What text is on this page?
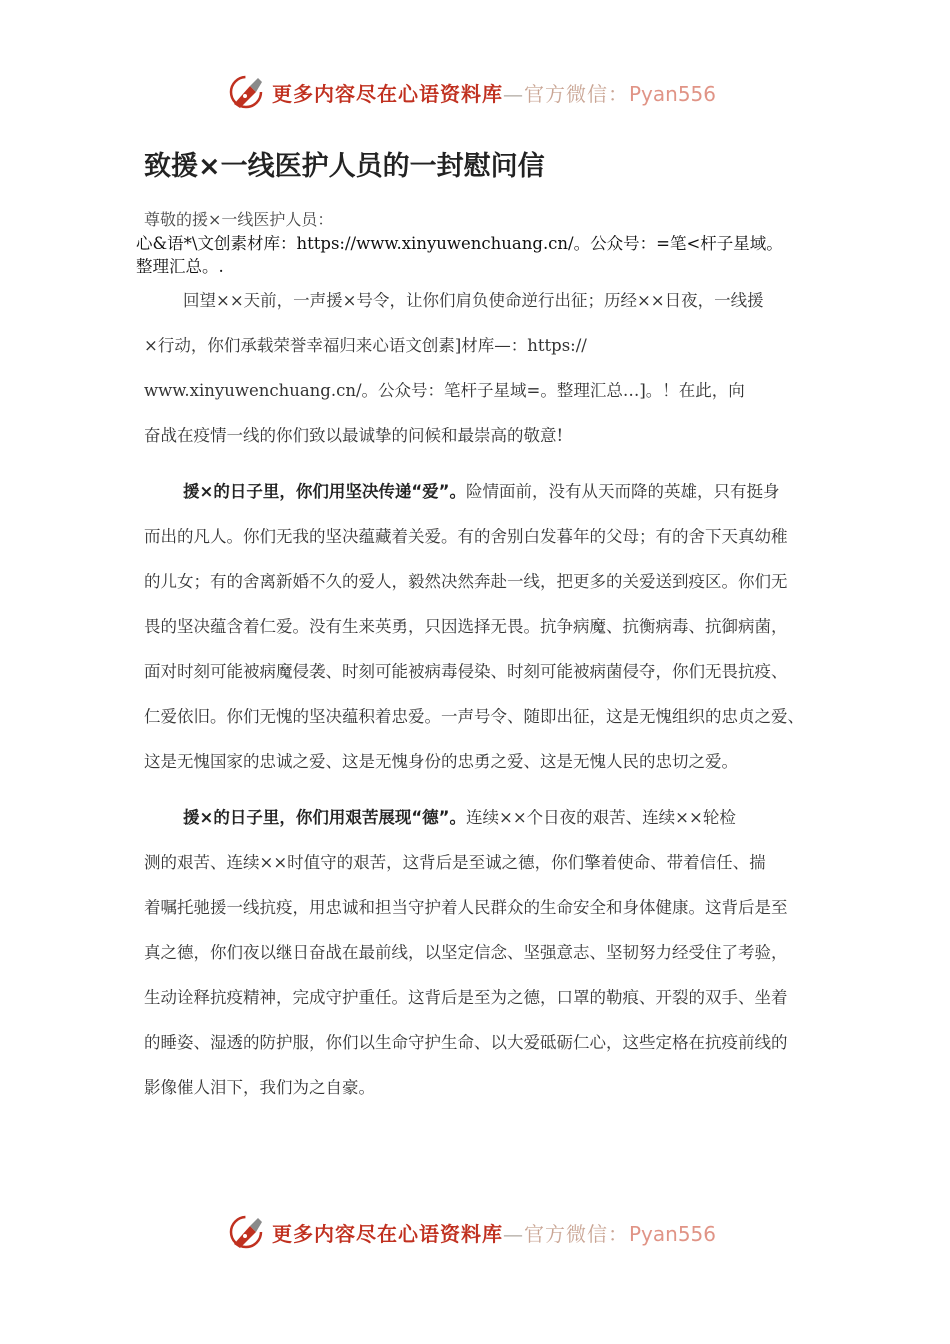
更多内容尽在心语资料库—官方微信：Pyan556
致援×一线医护人员的一封慰问信
尊敬的援×一线医护人员：
心&语*\文创素材库：https://www.xinyuwenchuang.cn/。公众号：=笔<杆子星域。
整理汇总。.
回望××天前，一声援×号令，让你们肩负使命逆行出征；历经××日夜，一线援
×行动，你们承载荣誉幸福归来心语文创素]材库—：https://
www.xinyuwenchuang.cn/。公众号：笔杆子星域=。整理汇总…]。！在此，向
奋战在疫情一线的你们致以最诚挚的问候和最崇高的敬意!
援×的日子里，你们用坚决传递“爱”。险情面前，没有从天而降的英雄，只有挺身
而出的凡人。你们无我的坚决蕴藏着关爱。有的舍别白发暮年的父母；有的舍下天真幼稚
的儿女；有的舍离新婚不久的爱人，毅然决然奔赴一线，把更多的关爱送到疫区。你们无
畏的坚决蕴含着仁爱。没有生来英勇，只因选择无畏。抗争病魔、抗衡病毒、抗御病菌，
面对时刻可能被病魔侵袭、时刻可能被病毒侵染、时刻可能被病菌侵夺，你们无畏抗疫、
仁爱依旧。你们无愧的坚决蕴积着忠爱。一声号令、随即出征，这是无愧组织的忠贞之爱、
这是无愧国家的忠诚之爱、这是无愧身份的忠勇之爱、这是无愧人民的忠切之爱。
援×的日子里，你们用艰苦展现“德”。连续××个日夜的艰苦、连续××轮检
测的艰苦、连续××时值守的艰苦，这背后是至诚之德，你们擎着使命、带着信任、揣
着嘱托驰援一线抗疫，用忠诚和担当守护着人民群众的生命安全和身体健康。这背后是至
真之德，你们夜以继日奋战在最前线，以坚定信念、坚强意志、坚韧努力经受住了考验，
生动诠释抗疫精神，完成守护重任。这背后是至为之德，口罩的勒痕、开裂的双手、坐着
的睡姿、湿透的防护服，你们以生命守护生命、以大爱砥砺仁心，这些定格在抗疫前线的
影像催人泪下，我们为之自豪。
更多内容尽在心语资料库—官方微信：Pyan556
